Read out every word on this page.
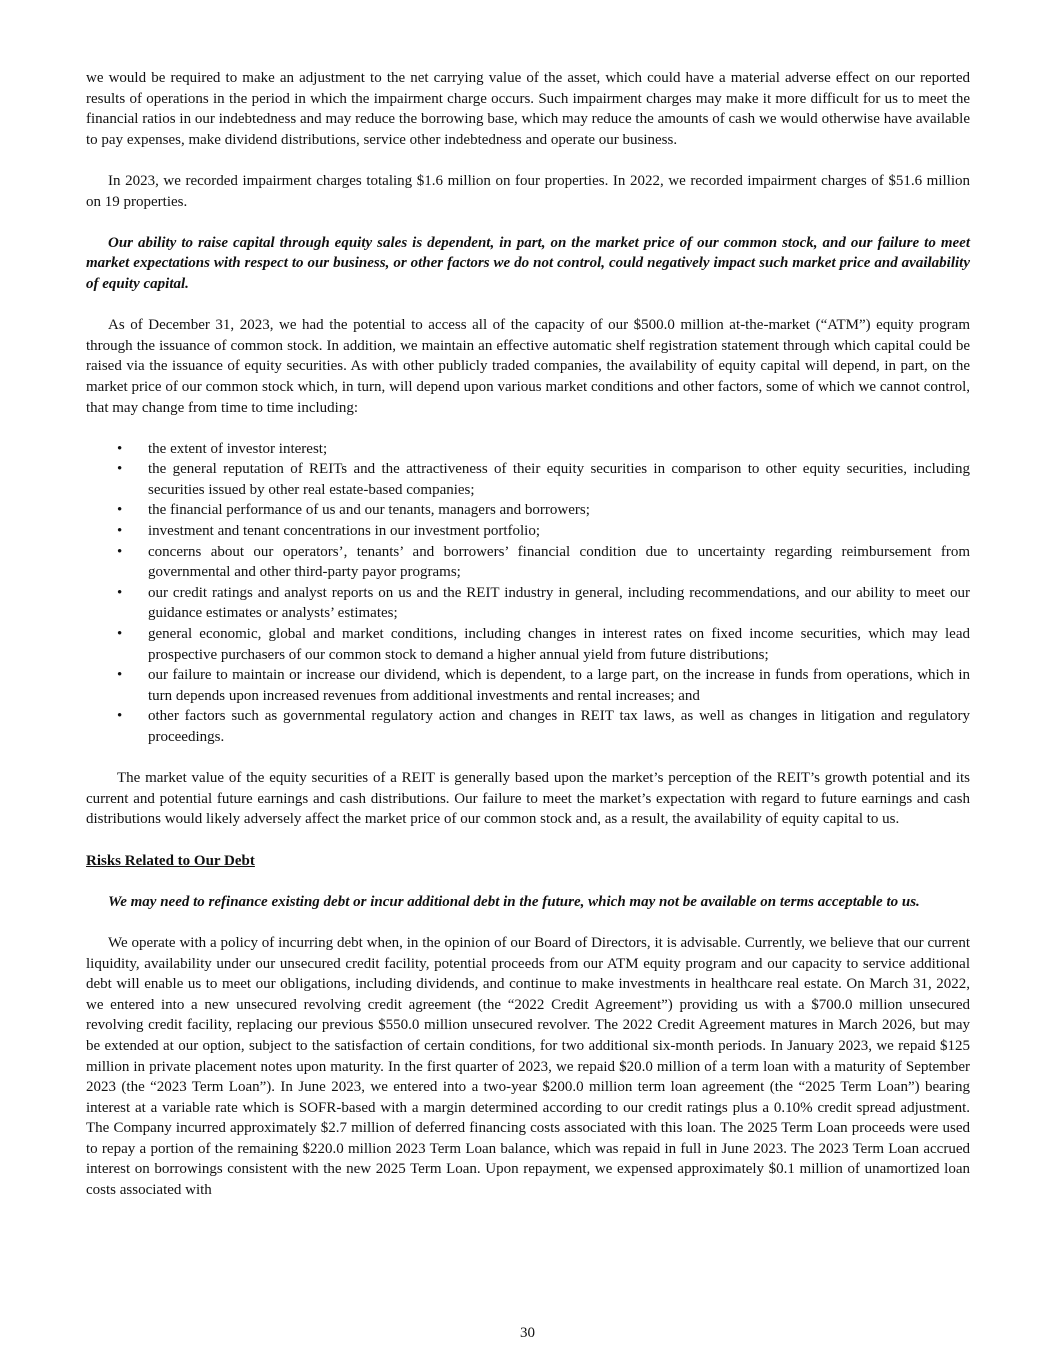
we would be required to make an adjustment to the net carrying value of the asset, which could have a material adverse effect on our reported results of operations in the period in which the impairment charge occurs. Such impairment charges may make it more difficult for us to meet the financial ratios in our indebtedness and may reduce the borrowing base, which may reduce the amounts of cash we would otherwise have available to pay expenses, make dividend distributions, service other indebtedness and operate our business.

In 2023, we recorded impairment charges totaling $1.6 million on four properties. In 2022, we recorded impairment charges of $51.6 million on 19 properties.

Our ability to raise capital through equity sales is dependent, in part, on the market price of our common stock, and our failure to meet market expectations with respect to our business, or other factors we do not control, could negatively impact such market price and availability of equity capital.

As of December 31, 2023, we had the potential to access all of the capacity of our $500.0 million at-the-market (“ATM”) equity program through the issuance of common stock. In addition, we maintain an effective automatic shelf registration statement through which capital could be raised via the issuance of equity securities. As with other publicly traded companies, the availability of equity capital will depend, in part, on the market price of our common stock which, in turn, will depend upon various market conditions and other factors, some of which we cannot control, that may change from time to time including:

• the extent of investor interest;
• the general reputation of REITs and the attractiveness of their equity securities in comparison to other equity securities, including securities issued by other real estate-based companies;
• the financial performance of us and our tenants, managers and borrowers;
• investment and tenant concentrations in our investment portfolio;
• concerns about our operators’, tenants’ and borrowers’ financial condition due to uncertainty regarding reimbursement from governmental and other third-party payor programs;
• our credit ratings and analyst reports on us and the REIT industry in general, including recommendations, and our ability to meet our guidance estimates or analysts’ estimates;
• general economic, global and market conditions, including changes in interest rates on fixed income securities, which may lead prospective purchasers of our common stock to demand a higher annual yield from future distributions;
• our failure to maintain or increase our dividend, which is dependent, to a large part, on the increase in funds from operations, which in turn depends upon increased revenues from additional investments and rental increases; and
• other factors such as governmental regulatory action and changes in REIT tax laws, as well as changes in litigation and regulatory proceedings.

The market value of the equity securities of a REIT is generally based upon the market’s perception of the REIT’s growth potential and its current and potential future earnings and cash distributions. Our failure to meet the market’s expectation with regard to future earnings and cash distributions would likely adversely affect the market price of our common stock and, as a result, the availability of equity capital to us.

Risks Related to Our Debt

We may need to refinance existing debt or incur additional debt in the future, which may not be available on terms acceptable to us.

We operate with a policy of incurring debt when, in the opinion of our Board of Directors, it is advisable. Currently, we believe that our current liquidity, availability under our unsecured credit facility, potential proceeds from our ATM equity program and our capacity to service additional debt will enable us to meet our obligations, including dividends, and continue to make investments in healthcare real estate. On March 31, 2022, we entered into a new unsecured revolving credit agreement (the “2022 Credit Agreement”) providing us with a $700.0 million unsecured revolving credit facility, replacing our previous $550.0 million unsecured revolver. The 2022 Credit Agreement matures in March 2026, but may be extended at our option, subject to the satisfaction of certain conditions, for two additional six-month periods. In January 2023, we repaid $125 million in private placement notes upon maturity. In the first quarter of 2023, we repaid $20.0 million of a term loan with a maturity of September 2023 (the “2023 Term Loan”). In June 2023, we entered into a two-year $200.0 million term loan agreement (the “2025 Term Loan”) bearing interest at a variable rate which is SOFR-based with a margin determined according to our credit ratings plus a 0.10% credit spread adjustment. The Company incurred approximately $2.7 million of deferred financing costs associated with this loan. The 2025 Term Loan proceeds were used to repay a portion of the remaining $220.0 million 2023 Term Loan balance, which was repaid in full in June 2023. The 2023 Term Loan accrued interest on borrowings consistent with the new 2025 Term Loan. Upon repayment, we expensed approximately $0.1 million of unamortized loan costs associated with

30
